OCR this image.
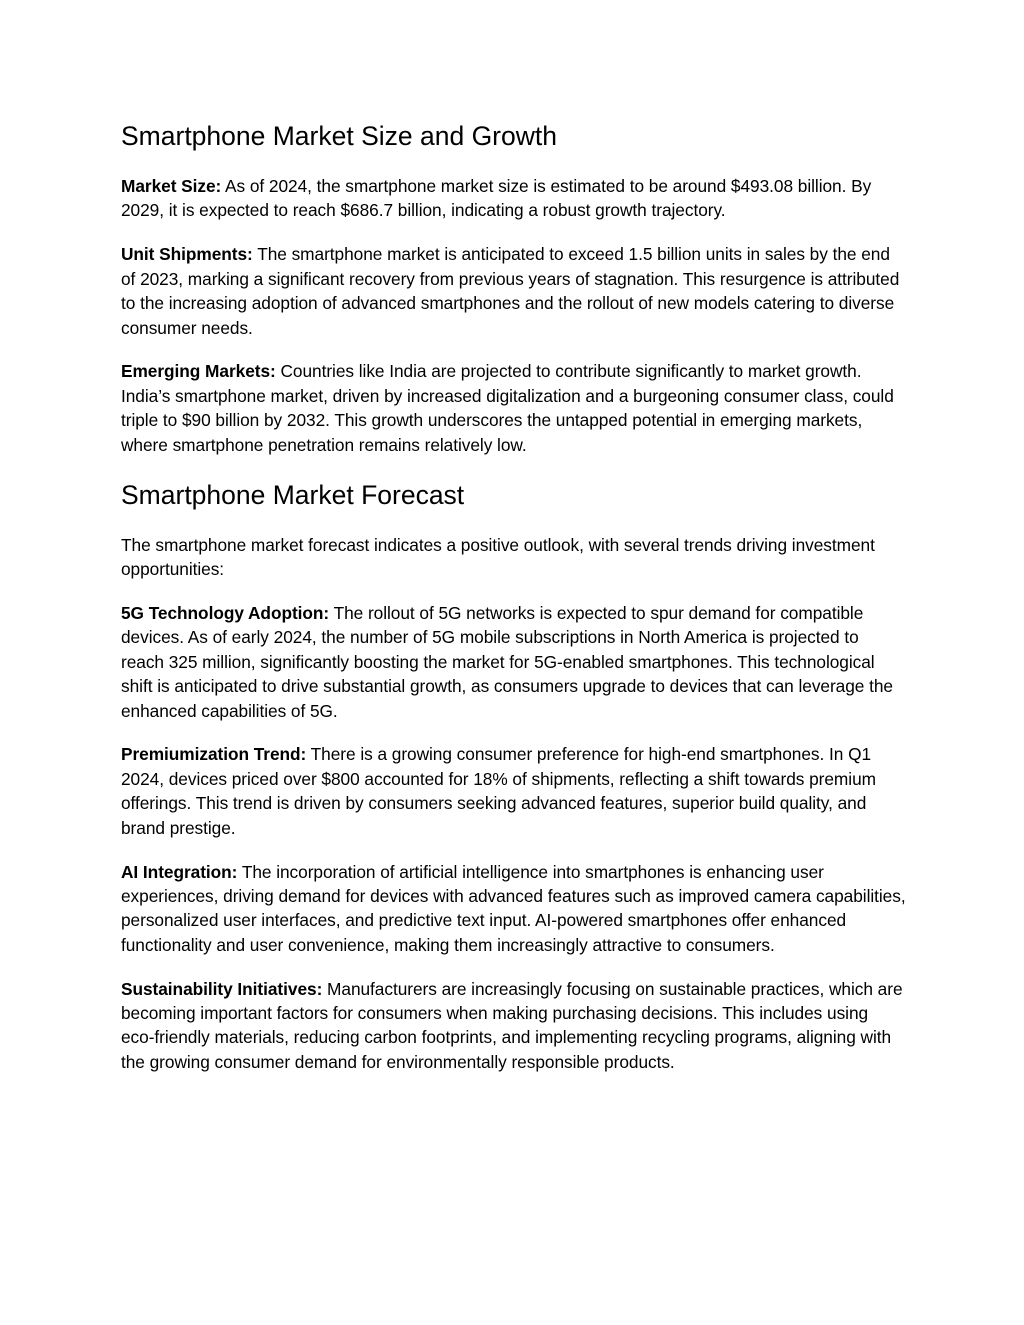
Smartphone Market Size and Growth

Market Size: As of 2024, the smartphone market size is estimated to be around $493.08 billion. By 2029, it is expected to reach $686.7 billion, indicating a robust growth trajectory.

Unit Shipments: The smartphone market is anticipated to exceed 1.5 billion units in sales by the end of 2023, marking a significant recovery from previous years of stagnation. This resurgence is attributed to the increasing adoption of advanced smartphones and the rollout of new models catering to diverse consumer needs.

Emerging Markets: Countries like India are projected to contribute significantly to market growth. India’s smartphone market, driven by increased digitalization and a burgeoning consumer class, could triple to $90 billion by 2032. This growth underscores the untapped potential in emerging markets, where smartphone penetration remains relatively low.

Smartphone Market Forecast

The smartphone market forecast indicates a positive outlook, with several trends driving investment opportunities:

5G Technology Adoption: The rollout of 5G networks is expected to spur demand for compatible devices. As of early 2024, the number of 5G mobile subscriptions in North America is projected to reach 325 million, significantly boosting the market for 5G-enabled smartphones. This technological shift is anticipated to drive substantial growth, as consumers upgrade to devices that can leverage the enhanced capabilities of 5G.

Premiumization Trend: There is a growing consumer preference for high-end smartphones. In Q1 2024, devices priced over $800 accounted for 18% of shipments, reflecting a shift towards premium offerings. This trend is driven by consumers seeking advanced features, superior build quality, and brand prestige.

AI Integration: The incorporation of artificial intelligence into smartphones is enhancing user experiences, driving demand for devices with advanced features such as improved camera capabilities, personalized user interfaces, and predictive text input. AI-powered smartphones offer enhanced functionality and user convenience, making them increasingly attractive to consumers.

Sustainability Initiatives: Manufacturers are increasingly focusing on sustainable practices, which are becoming important factors for consumers when making purchasing decisions. This includes using eco-friendly materials, reducing carbon footprints, and implementing recycling programs, aligning with the growing consumer demand for environmentally responsible products.
